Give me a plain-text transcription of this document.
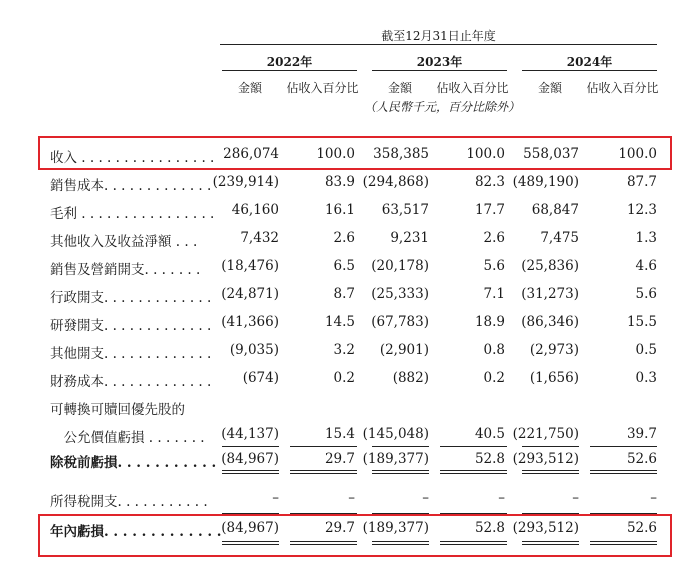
截至12月31日止年度
2022年	2023年	2024年
金額	佔收入百分比	金額	佔收入百分比	金額	佔收入百分比
（人民幣千元，百分比除外）
收入 . . . . . . . . . . . . . . . . 286,074	100.0	358,385	100.0	558,037	100.0
銷售成本. . . . . . . . . . . . . (239,914)	83.9 (294,868)	82.3 (489,190)	87.7
毛利 . . . . . . . . . . . . . . . .	46,160	16.1	63,517	17.7	68,847	12.3
其他收入及收益淨額 . . .	7,432	2.6	9,231	2.6	7,475	1.3
銷售及營銷開支. . . . . . .	(18,476)	6.5	(20,178)	5.6	(25,836)	4.6
行政開支. . . . . . . . . . . . . (24,871)	8.7	(25,333)	7.1	(31,273)	5.6
研發開支. . . . . . . . . . . . . (41,366)	14.5	(67,783)	18.9	(86,346)	15.5
其他開支. . . . . . . . . . . . .	(9,035)	3.2	(2,901)	0.8	(2,973)	0.5
財務成本. . . . . . . . . . . . .	(674)	0.2	(882)	0.2	(1,656)	0.3
可轉換可贖回優先股的
　公允價值虧損 . . . . . . .	(44,137)	15.4 (145,048)	40.5 (221,750)	39.7
除稅前虧損. . . . . . . . . . . (84,967)	29.7 (189,377)	52.8 (293,512)	52.6
所得稅開支. . . . . . . . . . .	–	–	–	–	–	–
年內虧損. . . . . . . . . . . . . (84,967)	29.7 (189,377)	52.8 (293,512)	52.6
